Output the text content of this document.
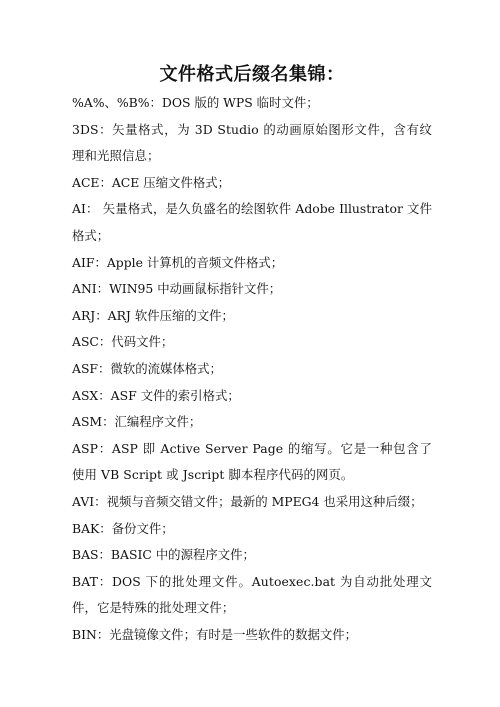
文件格式后缀名集锦：
%A%、%B%：DOS 版的 WPS 临时文件；
3DS：矢量格式，为 3D Studio 的动画原始图形文件，含有纹理和光照信息；
ACE：ACE 压缩文件格式；
AI： 矢量格式，是久负盛名的绘图软件 Adobe Illustrator 文件格式；
AIF：Apple 计算机的音频文件格式；
ANI：WIN95 中动画鼠标指针文件；
ARJ：ARJ 软件压缩的文件；
ASC：代码文件；
ASF：微软的流媒体格式；
ASX：ASF 文件的索引格式；
ASM：汇编程序文件；
ASP：ASP 即 Active Server Page 的缩写。它是一种包含了使用 VB Script 或 Jscript 脚本程序代码的网页。
AVI：视频与音频交错文件；最新的 MPEG4 也采用这种后缀；
BAK：备份文件；
BAS：BASIC 中的源程序文件；
BAT：DOS 下的批处理文件。Autoexec.bat 为自动批处理文件，它是特殊的批处理文件；
BIN：光盘镜像文件；有时是一些软件的数据文件；
